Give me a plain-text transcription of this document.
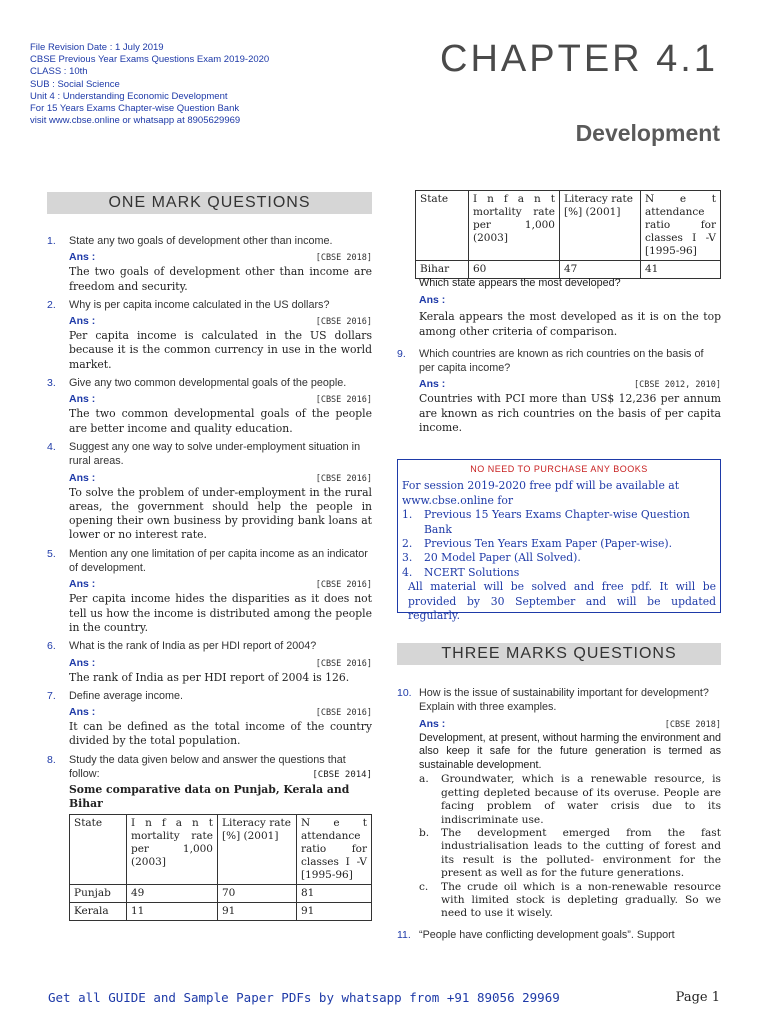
File Revision Date : 1 July 2019
CBSE Previous Year Exams Questions Exam 2019-2020
CLASS : 10th
SUB : Social Science
Unit 4 : Understanding Economic Development
For 15 Years Exams Chapter-wise Question Bank
visit www.cbse.online or whatsapp at 8905629969
CHAPTER 4.1
Development
ONE MARK QUESTIONS
1. State any two goals of development other than income.
Ans :	[CBSE 2018]
The two goals of development other than income are freedom and security.
2. Why is per capita income calculated in the US dollars?
Ans :	[CBSE 2016]
Per capita income is calculated in the US dollars because it is the common currency in use in the world market.
3. Give any two common developmental goals of the people.
Ans :	[CBSE 2016]
The two common developmental goals of the people are better income and quality education.
4. Suggest any one way to solve under-employment situation in rural areas.
Ans :	[CBSE 2016]
To solve the problem of under-employment in the rural areas, the government should help the people in opening their own business by providing bank loans at lower or no interest rate.
5. Mention any one limitation of per capita income as an indicator of development.
Ans :	[CBSE 2016]
Per capita income hides the disparities as it does not tell us how the income is distributed among the people in the country.
6. What is the rank of India as per HDI report of 2004?
Ans :	[CBSE 2016]
The rank of India as per HDI report of 2004 is 126.
7. Define average income.
Ans :	[CBSE 2016]
It can be defined as the total income of the country divided by the total population.
8. Study the data given below and answer the questions that follow:	[CBSE 2014]
Some comparative data on Punjab, Kerala and Bihar
State	I n f a n t mortality rate per 1,000 (2003]	Literacy rate [%] (2001]	N e t attendance ratio for classes I -V [1995-96]
Punjab	49	70	81
Kerala	11	91	91
State	I n f a n t mortality rate per 1,000 (2003]	Literacy rate [%] (2001]	N e t attendance ratio for classes I -V [1995-96]
Bihar	60	47	41
Which state appears the most developed?
Ans :
Kerala appears the most developed as it is on the top among other criteria of comparison.
9. Which countries are known as rich countries on the basis of per capita income?
Ans :	[CBSE 2012, 2010]
Countries with PCI more than US$ 12,236 per annum are known as rich countries on the basis of per capita income.
NO NEED TO PURCHASE ANY BOOKS
For session 2019-2020 free pdf will be available at www.cbse.online for
1. Previous 15 Years Exams Chapter-wise Question Bank
2. Previous Ten Years Exam Paper (Paper-wise).
3. 20 Model Paper (All Solved).
4. NCERT Solutions
All material will be solved and free pdf. It will be provided by 30 September and will be updated regularly.
THREE MARKS QUESTIONS
10. How is the issue of sustainability important for development? Explain with three examples.
Ans :	[CBSE 2018]
Development, at present, without harming the environment and also keep it safe for the future generation is termed as sustainable development.
a. Groundwater, which is a renewable resource, is getting depleted because of its overuse. People are facing problem of water crisis due to its indiscriminate use.
b. The development emerged from the fast industrialisation leads to the cutting of forest and its result is the polluted- environment for the present as well as for the future generations.
c. The crude oil which is a non-renewable resource with limited stock is depleting gradually. So we need to use it wisely.
11. “People have conflicting development goals”. Support
Get all GUIDE and Sample Paper PDFs by whatsapp from +91 89056 29969	Page 1
